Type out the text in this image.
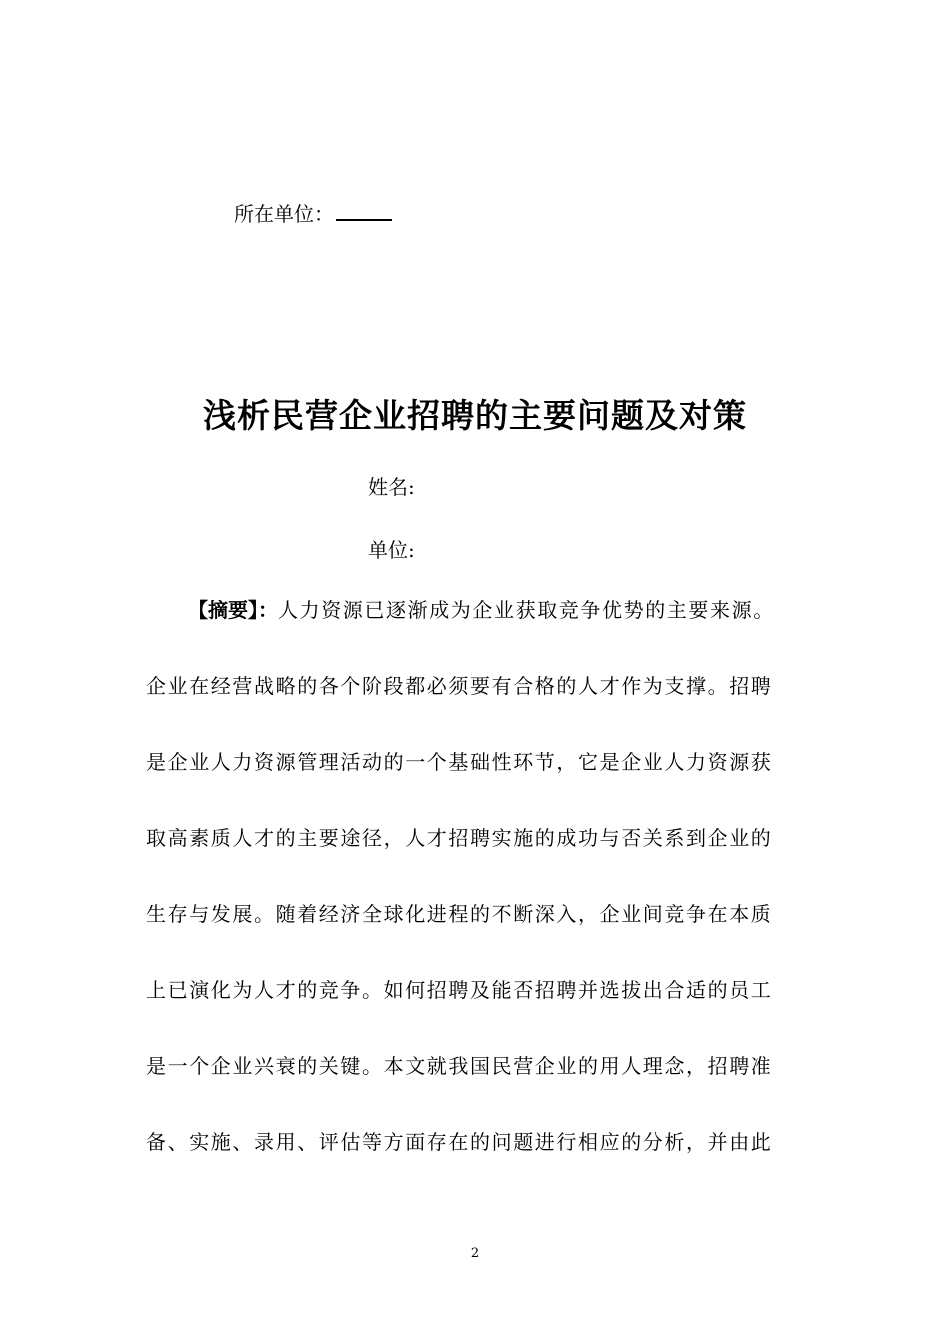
所在单位：
浅析民营企业招聘的主要问题及对策
姓名:
单位:
【摘要】：人力资源已逐渐成为企业获取竞争优势的主要来源。
企业在经营战略的各个阶段都必须要有合格的人才作为支撑。招聘
是企业人力资源管理活动的一个基础性环节，它是企业人力资源获
取高素质人才的主要途径，人才招聘实施的成功与否关系到企业的
生存与发展。随着经济全球化进程的不断深入，企业间竞争在本质
上已演化为人才的竞争。如何招聘及能否招聘并选拔出合适的员工
是一个企业兴衰的关键。本文就我国民营企业的用人理念，招聘准
备、实施、录用、评估等方面存在的问题进行相应的分析，并由此
2
